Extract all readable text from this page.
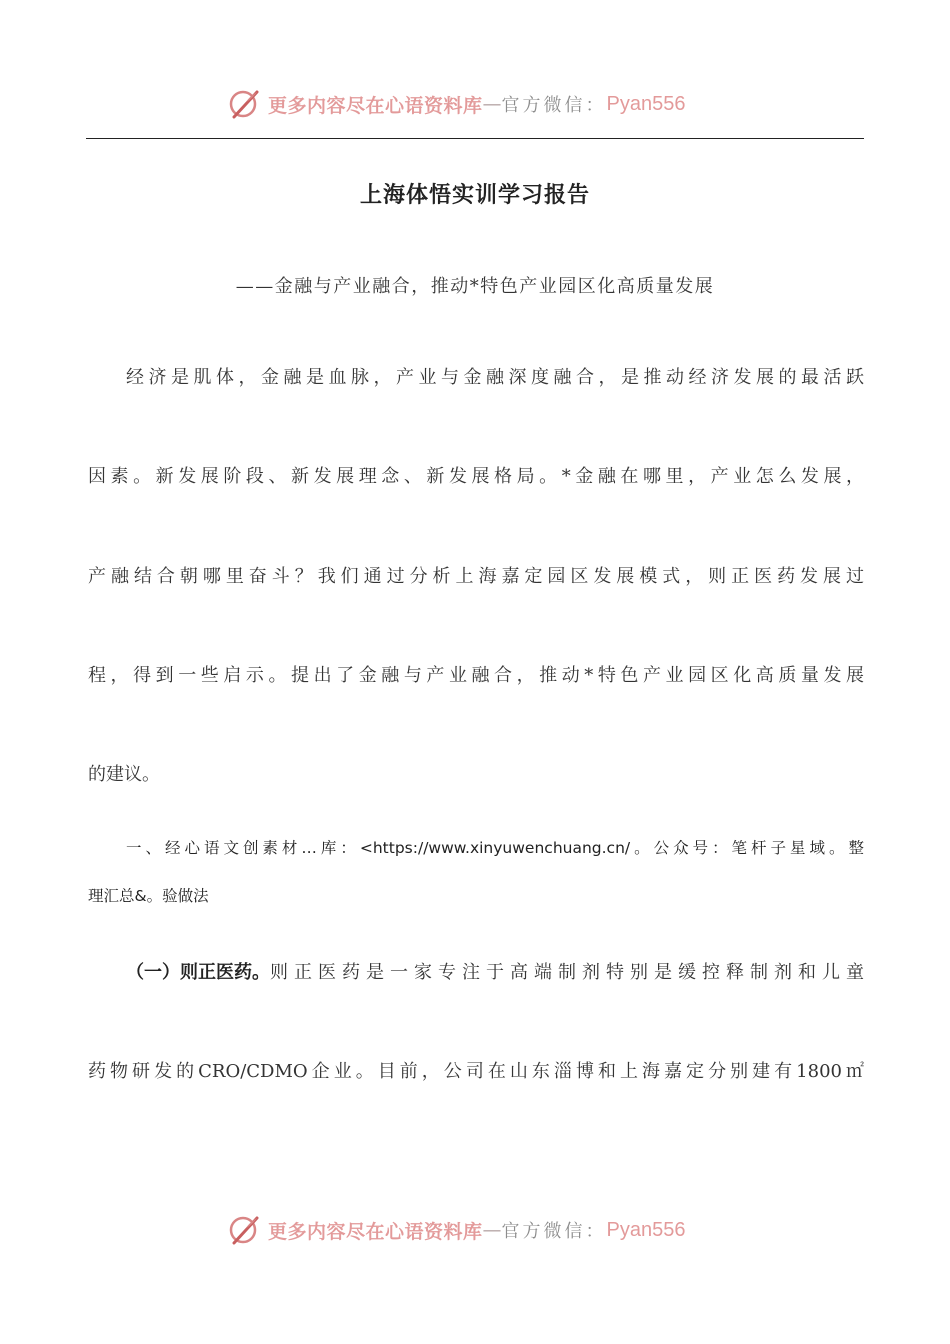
更多内容尽在心语资料库 — 官方微信： Pyan556
上海体悟实训学习报告
——金融与产业融合，推动*特色产业园区化高质量发展
经济是肌体，金融是血脉，产业与金融深度融合，是推动经济发展的最活跃
因素。新发展阶段、新发展理念、新发展格局。*金融在哪里，产业怎么发展，
产融结合朝哪里奋斗？我们通过分析上海嘉定园区发展模式，则正医药发展过
程，得到一些启示。提出了金融与产业融合，推动*特色产业园区化高质量发展
的建议。
一、经心语文创素材…库：<https://www.xinyuwenchuang.cn/。公众号：笔杆子星域。整
理汇总&。验做法
（一）则正医药。 则正医药是一家专注于高端制剂特别是缓控释制剂和儿童
药物研发的CRO/CDMO企业。目前，公司在山东淄博和上海嘉定分别建有1800㎡
更多内容尽在心语资料库 — 官方微信： Pyan556
